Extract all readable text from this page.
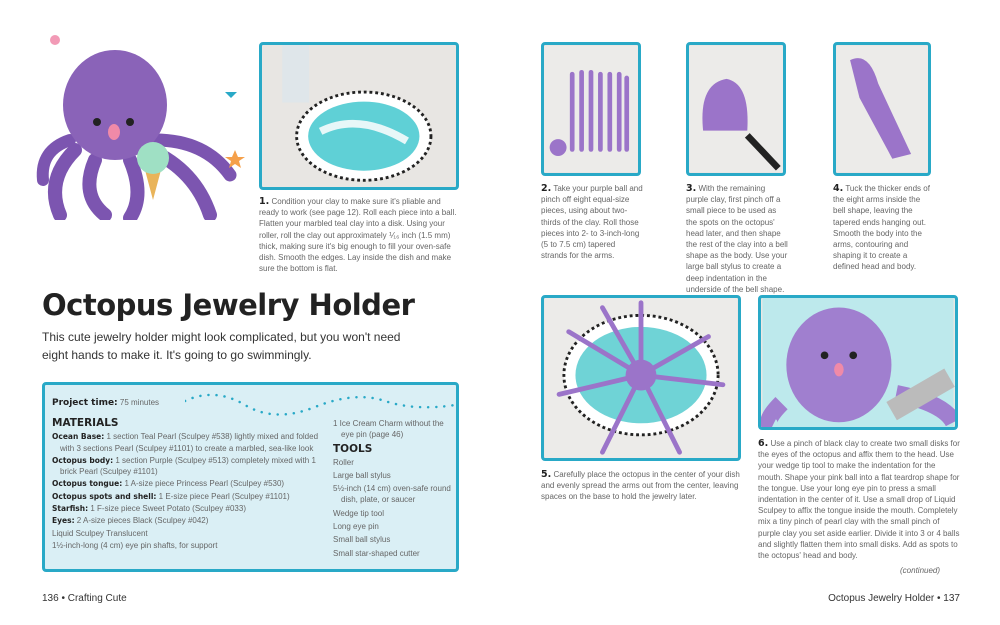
1. Condition your clay to make sure it's pliable and ready to work (see page 12). Roll each piece into a ball. Flatten your marbled teal clay into a disk. Using your roller, roll the clay out approximately ⅟₁₆ inch (1.5 mm) thick, making sure it's big enough to fill your oven-safe dish. Smooth the edges. Lay inside the dish and make sure the bottom is flat.
Octopus Jewelry Holder
This cute jewelry holder might look complicated, but you won't need eight hands to make it. It's going to go swimmingly.
Project time: 75 minutes
MATERIALS
Ocean Base: 1 section Teal Pearl (Sculpey #538) lightly mixed and folded with 3 sections Pearl (Sculpey #1101) to create a marbled, sea-like look
Octopus body: 1 section Purple (Sculpey #513) completely mixed with 1 brick Pearl (Sculpey #1101)
Octopus tongue: 1 A-size piece Princess Pearl (Sculpey #530)
Octopus spots and shell: 1 E-size piece Pearl (Sculpey #1101)
Starfish: 1 F-size piece Sweet Potato (Sculpey #033)
Eyes: 2 A-size pieces Black (Sculpey #042)
Liquid Sculpey Translucent
1½-inch-long (4 cm) eye pin shafts, for support
1 Ice Cream Charm without the eye pin (page 46)
TOOLS
Roller
Large ball stylus
5½-inch (14 cm) oven-safe round dish, plate, or saucer
Wedge tip tool
Long eye pin
Small ball stylus
Small star-shaped cutter
136 • Crafting Cute
2. Take your purple ball and pinch off eight equal-size pieces, using about two-thirds of the clay. Roll those pieces into 2- to 3-inch-long (5 to 7.5 cm) tapered strands for the arms.
3. With the remaining purple clay, first pinch off a small piece to be used as the spots on the octopus' head later, and then shape the rest of the clay into a bell shape as the body. Use your large ball stylus to create a deep indentation in the underside of the bell shape.
4. Tuck the thicker ends of the eight arms inside the bell shape, leaving the tapered ends hanging out. Smooth the body into the arms, contouring and shaping it to create a defined head and body.
5. Carefully place the octopus in the center of your dish and evenly spread the arms out from the center, leaving spaces on the base to hold the jewelry later.
6. Use a pinch of black clay to create two small disks for the eyes of the octopus and affix them to the head. Use your wedge tip tool to make the indentation for the mouth. Shape your pink ball into a flat teardrop shape for the tongue. Use your long eye pin to press a small indentation in the center of it. Use a small drop of Liquid Sculpey to affix the tongue inside the mouth. Completely mix a tiny pinch of pearl clay with the small pinch of purple clay you set aside earlier. Divide it into 3 or 4 balls and slightly flatten them into small disks. Add as spots to the octopus' head and body.
(continued)
Octopus Jewelry Holder • 137
